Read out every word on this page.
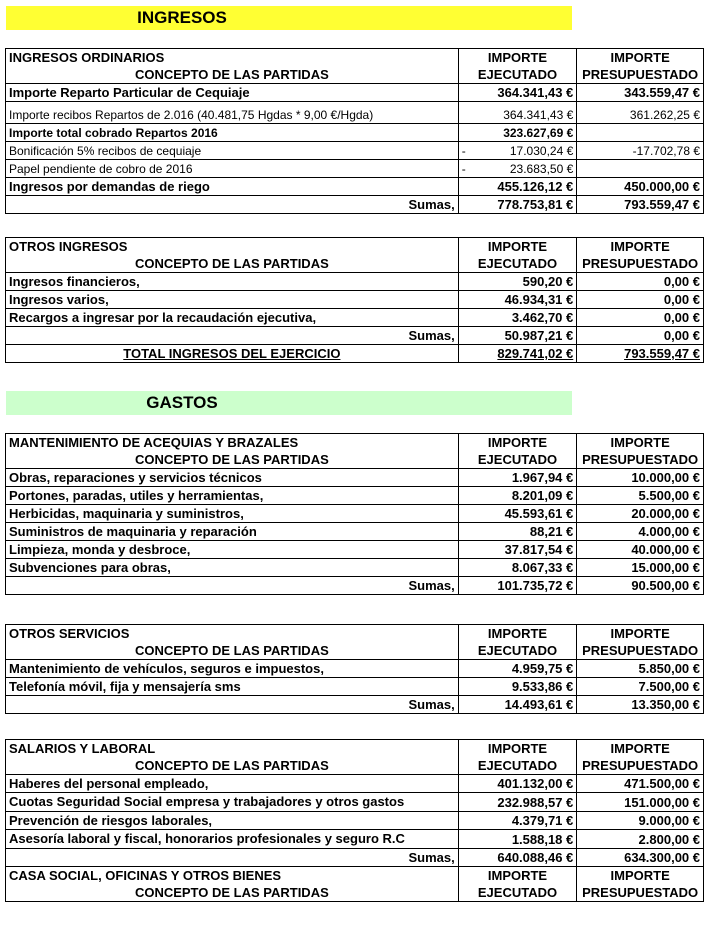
INGRESOS
INGRESOS ORDINARIOS	IMPORTE EJECUTADO	IMPORTE PRESUPUESTADO
CONCEPTO DE LAS PARTIDAS		
Importe Reparto Particular de Cequiaje	364.341,43 €	343.559,47 €
Importe recibos Repartos de 2.016 (40.481,75 Hgdas * 9,00 €/Hgda)	364.341,43 €	361.262,25 €
Importe total cobrado Repartos 2016	323.627,69 €	
Bonificación 5% recibos de cequiaje	- 17.030,24 €	-17.702,78 €
Papel pendiente de cobro de 2016	- 23.683,50 €	
Ingresos por demandas de riego	455.126,12 €	450.000,00 €
Sumas,	778.753,81 €	793.559,47 €
OTROS INGRESOS	IMPORTE EJECUTADO	IMPORTE PRESUPUESTADO
CONCEPTO DE LAS PARTIDAS		
Ingresos financieros,	590,20 €	0,00 €
Ingresos varios,	46.934,31 €	0,00 €
Recargos a ingresar por la recaudación ejecutiva,	3.462,70 €	0,00 €
Sumas,	50.987,21 €	0,00 €
TOTAL INGRESOS DEL EJERCICIO	829.741,02 €	793.559,47 €
GASTOS
MANTENIMIENTO DE ACEQUIAS Y BRAZALES	IMPORTE EJECUTADO	IMPORTE PRESUPUESTADO
CONCEPTO DE LAS PARTIDAS		
Obras, reparaciones y servicios técnicos	1.967,94 €	10.000,00 €
Portones, paradas, utiles y herramientas,	8.201,09 €	5.500,00 €
Herbicidas, maquinaria y suministros,	45.593,61 €	20.000,00 €
Suministros de maquinaria y reparación	88,21 €	4.000,00 €
Limpieza, monda y desbroce,	37.817,54 €	40.000,00 €
Subvenciones para obras,	8.067,33 €	15.000,00 €
Sumas,	101.735,72 €	90.500,00 €
OTROS SERVICIOS	IMPORTE EJECUTADO	IMPORTE PRESUPUESTADO
CONCEPTO DE LAS PARTIDAS		
Mantenimiento de vehículos, seguros e impuestos,	4.959,75 €	5.850,00 €
Telefonía móvil, fija y mensajería sms	9.533,86 €	7.500,00 €
Sumas,	14.493,61 €	13.350,00 €
SALARIOS Y LABORAL	IMPORTE EJECUTADO	IMPORTE PRESUPUESTADO
CONCEPTO DE LAS PARTIDAS		
Haberes del personal empleado,	401.132,00 €	471.500,00 €
Cuotas Seguridad Social empresa y trabajadores y otros gastos	232.988,57 €	151.000,00 €
Prevención de riesgos laborales,	4.379,71 €	9.000,00 €
Asesoría laboral y fiscal, honorarios profesionales y seguro R.C	1.588,18 €	2.800,00 €
Sumas,	640.088,46 €	634.300,00 €
CASA SOCIAL, OFICINAS Y OTROS BIENES	IMPORTE EJECUTADO	IMPORTE PRESUPUESTADO
CONCEPTO DE LAS PARTIDAS		
